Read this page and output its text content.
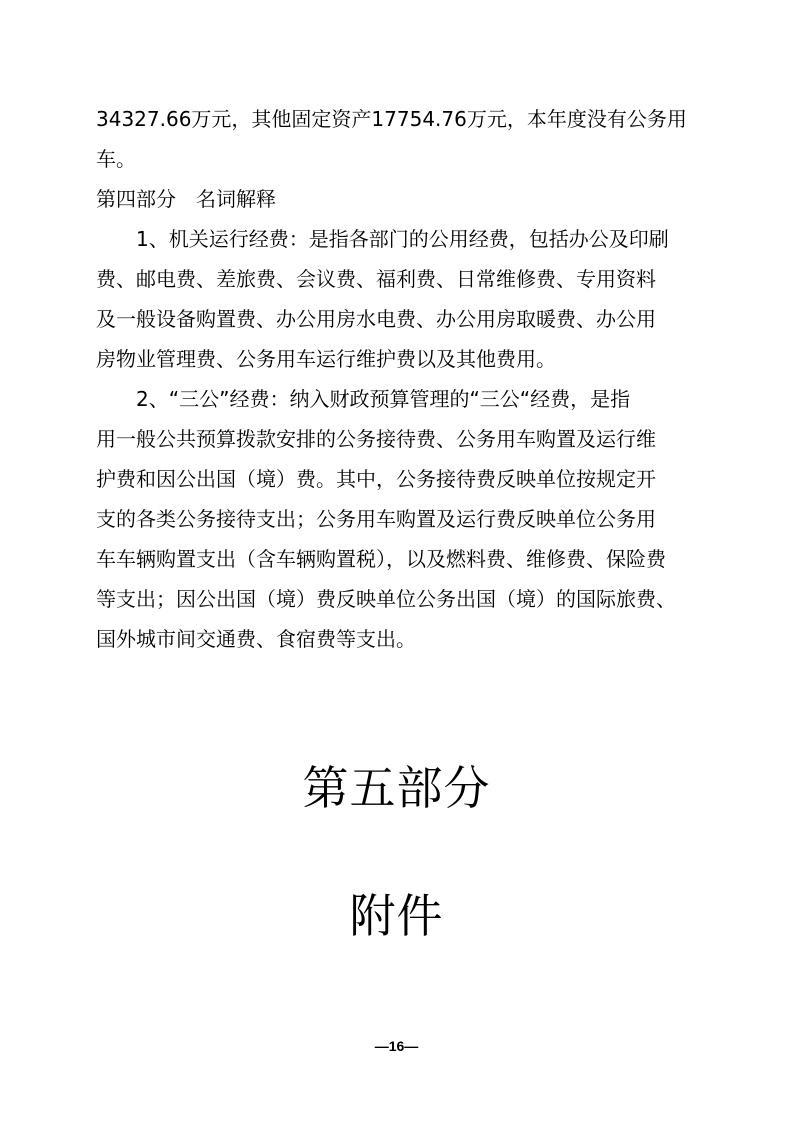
34327.66万元，其他固定资产17754.76万元，本年度没有公务用
车。

第四部分　名词解释

1、机关运行经费：是指各部门的公用经费，包括办公及印刷
费、邮电费、差旅费、会议费、福利费、日常维修费、专用资料
及一般设备购置费、办公用房水电费、办公用房取暖费、办公用
房物业管理费、公务用车运行维护费以及其他费用。

2、“三公”经费：纳入财政预算管理的“三公“经费，是指
用一般公共预算拨款安排的公务接待费、公务用车购置及运行维
护费和因公出国（境）费。其中，公务接待费反映单位按规定开
支的各类公务接待支出；公务用车购置及运行费反映单位公务用
车车辆购置支出（含车辆购置税），以及燃料费、维修费、保险费
等支出；因公出国（境）费反映单位公务出国（境）的国际旅费、
国外城市间交通费、食宿费等支出。

第五部分
附件
—16—
